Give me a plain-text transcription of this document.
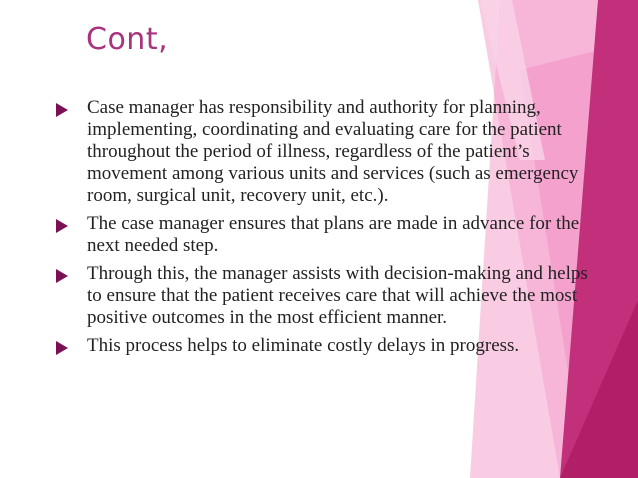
Cont,
Case manager has responsibility and authority for planning, implementing, coordinating and evaluating care for the patient throughout the period of illness, regardless of the patient’s movement among various units and services (such as emergency room, surgical unit, recovery unit, etc.).
The case manager ensures that plans are made in advance for the next needed step.
Through this, the manager assists with decision-making and helps to ensure that the patient receives care that will achieve the most positive outcomes in the most efficient manner.
This process helps to eliminate costly delays in progress.
